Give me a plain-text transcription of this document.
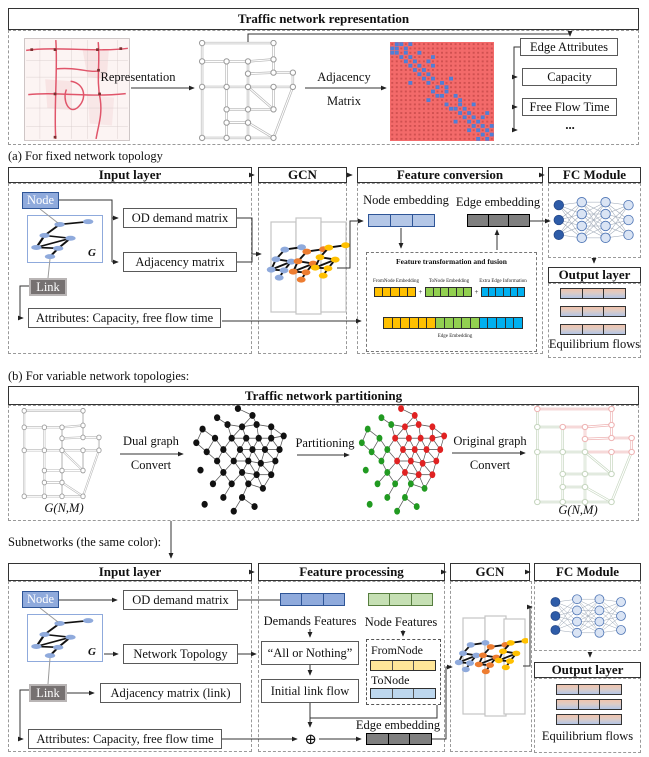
Traffic network representation
Representation	Adjacency
Matrix
Edge Attributes
Capacity
Free Flow Time
...
(a) For fixed network topology
Input layer
Node
G
OD demand matrix
Adjacency matrix
Link
Attributes: Capacity, free flow time
GCN	Feature conversion
Node embedding Edge embedding
Feature transformation and fusion
FromNode Embedding	ToNode Embedding	Extra Edge Information
+	+
Edge Embedding
FC Module
Output layer
Equilibrium flows
(b) For variable network topologies:
Traffic network partitioning
G(N,M)
Dual graph
Convert
Partitioning	Original graph
Convert
G(N,M)
Subnetworks (the same color):
Input layer
Node	OD demand matrix
G	Network Topology
Link	Adjacency matrix (link)
Attributes: Capacity, free flow time
Feature processing
Demands Features Node Features
“All or Nothing”	FromNode
ToNode
Initial link flow
Edge embedding
⊕
GCN	FC Module
Output layer
Equilibrium flows
